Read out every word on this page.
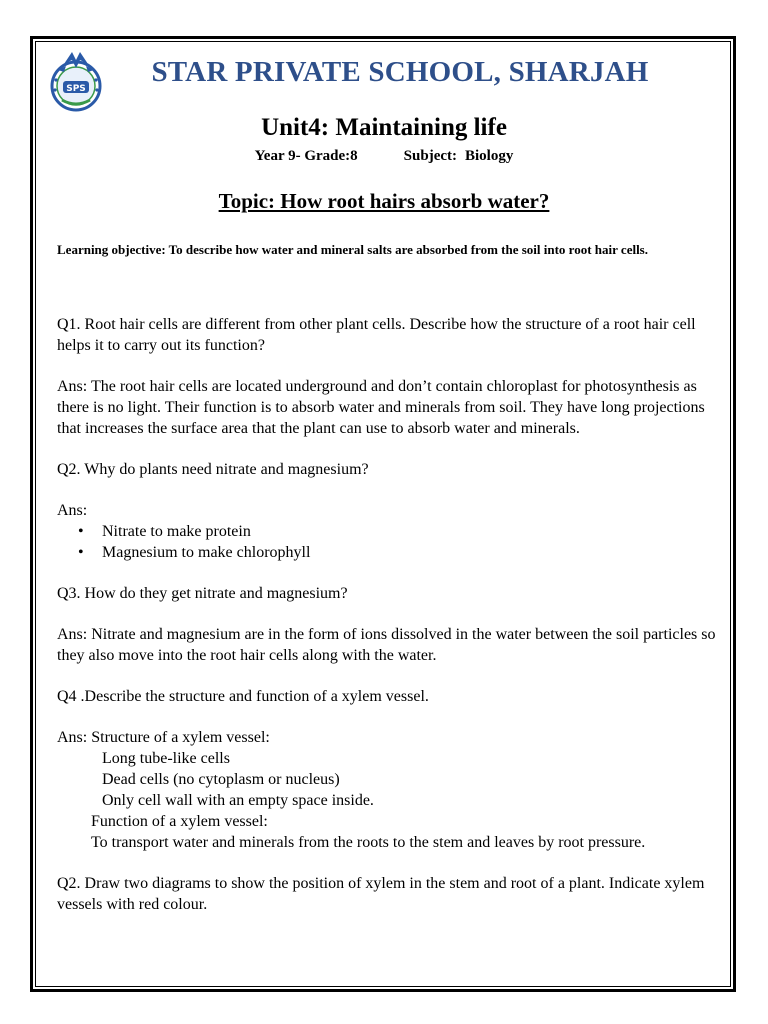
SPS
STAR PRIVATE SCHOOL, SHARJAH
Unit4: Maintaining life
Year 9- Grade:8	Subject: Biology
Topic: How root hairs absorb water?
Learning objective: To describe how water and mineral salts are absorbed from the soil into root hair cells.

Q1. Root hair cells are different from other plant cells. Describe how the structure of a root hair cell helps it to carry out its function?

Ans: The root hair cells are located underground and don’t contain chloroplast for photosynthesis as there is no light. Their function is to absorb water and minerals from soil. They have long projections that increases the surface area that the plant can use to absorb water and minerals.

Q2. Why do plants need nitrate and magnesium?

Ans:

• Nitrate to make protein
• Magnesium to make chlorophyll

Q3. How do they get nitrate and magnesium?

Ans: Nitrate and magnesium are in the form of ions dissolved in the water between the soil particles so they also move into the root hair cells along with the water.

Q4 .Describe the structure and function of a xylem vessel.

Ans: Structure of a xylem vessel:

Long tube-like cells

Dead cells (no cytoplasm or nucleus)

Only cell wall with an empty space inside.

Function of a xylem vessel:

To transport water and minerals from the roots to the stem and leaves by root pressure.

Q2. Draw two diagrams to show the position of xylem in the stem and root of a plant. Indicate xylem vessels with red colour.
